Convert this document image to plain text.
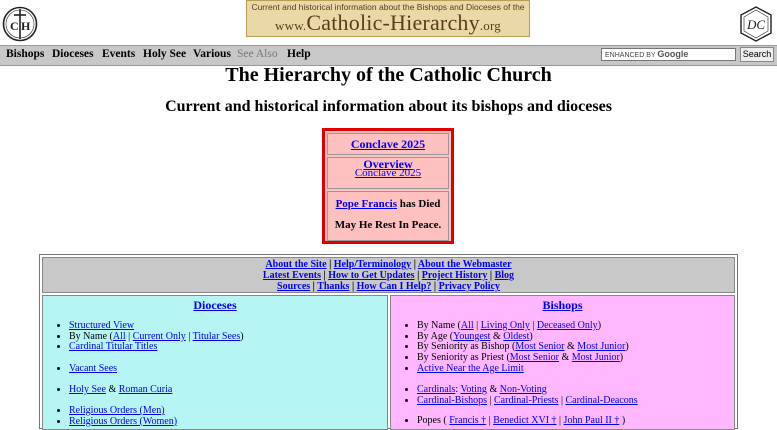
C H
Current and historical information about the Bishops and Dioceses of the
www.Catholic-Hierarchy.org	DC
Bishops Dioceses Events Holy See Various See Also Help	ENHANCED BY Google	Search
The Hierarchy of the Catholic Church
Current and historical information about its bishops and dioceses
Conclave 2025 Overview
Conclave 2025
Pope Francis has Died
May He Rest In Peace.
About the Site | Help/Terminology | About the Webmaster
Latest Events | How to Get Updates | Project History | Blog
Sources | Thanks | How Can I Help? | Privacy Policy
Dioceses
• Structured View
• By Name (All | Current Only | Titular Sees)
• Cardinal Titular Titles
• Vacant Sees
• Holy See & Roman Curia
• Religious Orders (Men)
• Religious Orders (Women)
Bishops
• By Name (All | Living Only | Deceased Only)
• By Age (Youngest & Oldest)
• By Seniority as Bishop (Most Senior & Most Junior)
• By Seniority as Priest (Most Senior & Most Junior)
• Active Near the Age Limit
• Cardinals: Voting & Non-Voting
• Cardinal-Bishops | Cardinal-Priests | Cardinal-Deacons
• Popes ( Francis † | Benedict XVI † | John Paul II † )
